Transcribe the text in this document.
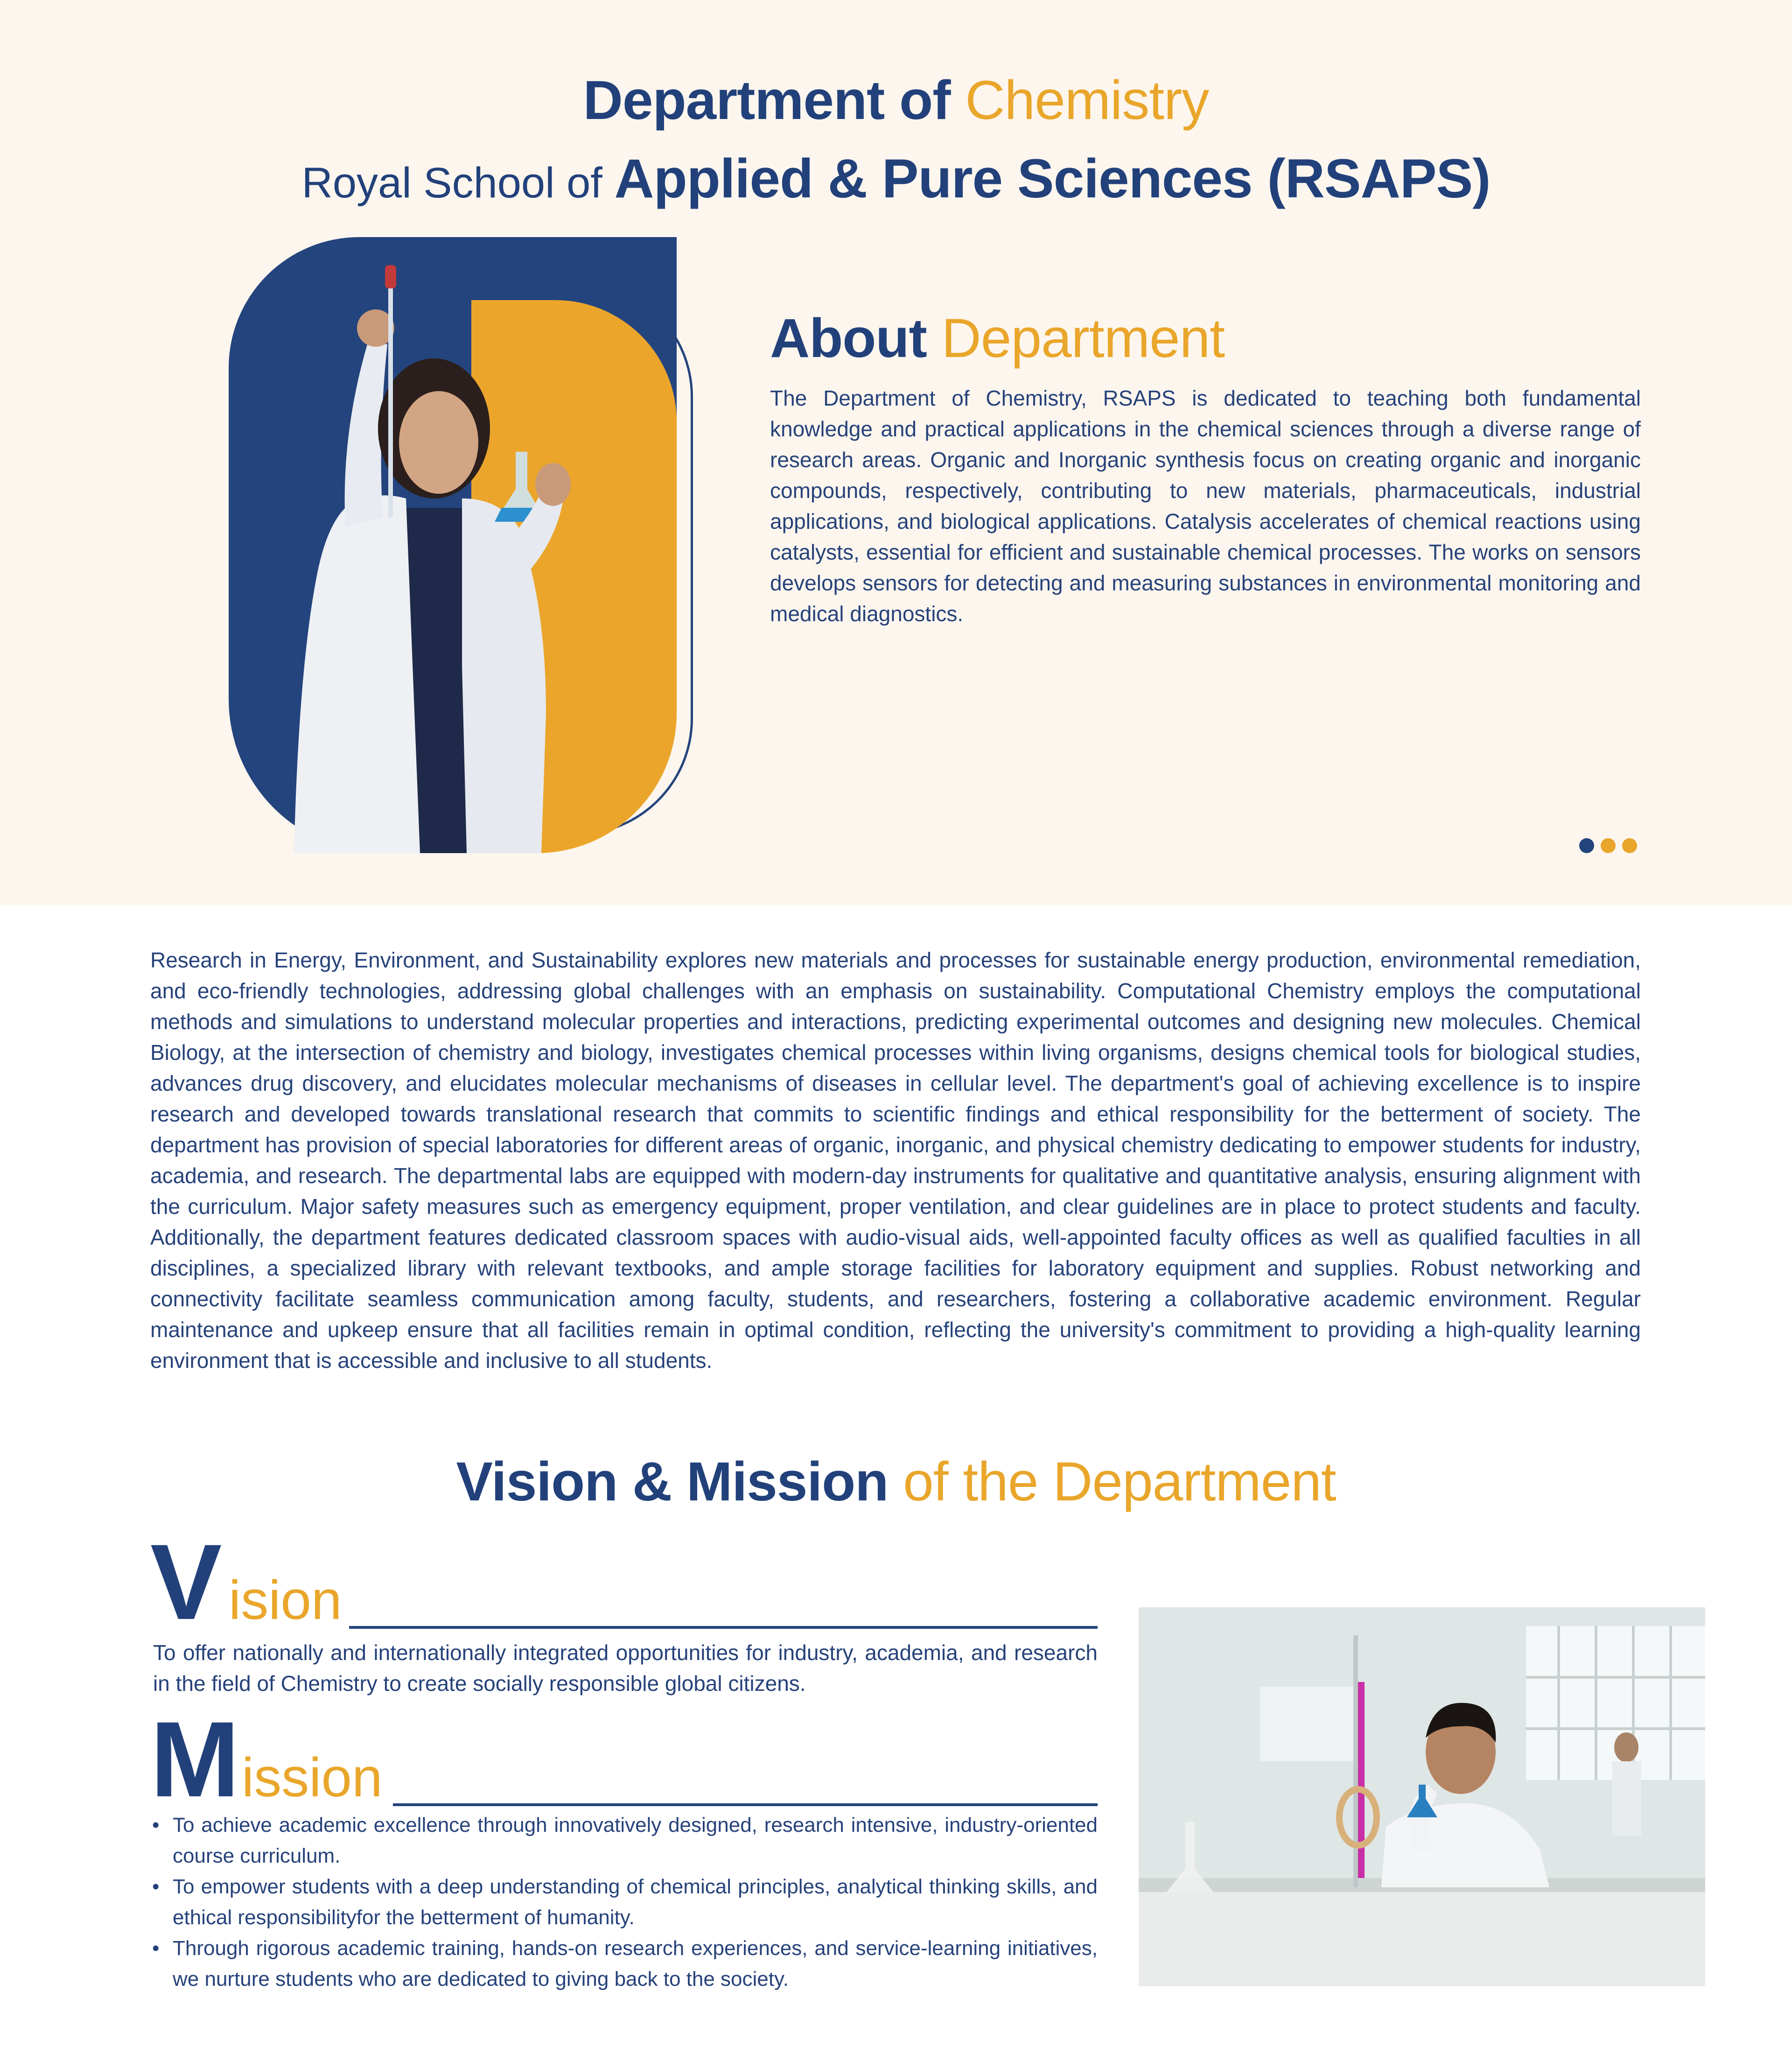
Department of Chemistry
Royal School of Applied & Pure Sciences (RSAPS)
About Department
The Department of Chemistry, RSAPS is dedicated to teaching both fundamental knowledge and practical applications in the chemical sciences through a diverse range of research areas. Organic and Inorganic synthesis focus on creating organic and inorganic compounds, respectively, contributing to new materials, pharmaceuticals, industrial applications, and biological applications. Catalysis accelerates of chemical reactions using catalysts, essential for efficient and sustainable chemical processes. The works on sensors develops sensors for detecting and measuring substances in environmental monitoring and medical diagnostics.
Research in Energy, Environment, and Sustainability explores new materials and processes for sustainable energy production, environmental remediation, and eco-friendly technologies, addressing global challenges with an emphasis on sustainability. Computational Chemistry employs the computational methods and simulations to understand molecular properties and interactions, predicting experimental outcomes and designing new molecules. Chemical Biology, at the intersection of chemistry and biology, investigates chemical processes within living organisms, designs chemical tools for biological studies, advances drug discovery, and elucidates molecular mechanisms of diseases in cellular level. The department's goal of achieving excellence is to inspire research and developed towards translational research that commits to scientific findings and ethical responsibility for the betterment of society. The department has provision of special laboratories for different areas of organic, inorganic, and physical chemistry dedicating to empower students for industry, academia, and research. The departmental labs are equipped with modern-day instruments for qualitative and quantitative analysis, ensuring alignment with the curriculum. Major safety measures such as emergency equipment, proper ventilation, and clear guidelines are in place to protect students and faculty. Additionally, the department features dedicated classroom spaces with audio-visual aids, well-appointed faculty offices as well as qualified faculties in all disciplines, a specialized library with relevant textbooks, and ample storage facilities for laboratory equipment and supplies. Robust networking and connectivity facilitate seamless communication among faculty, students, and researchers, fostering a collaborative academic environment. Regular maintenance and upkeep ensure that all facilities remain in optimal condition, reflecting the university's commitment to providing a high-quality learning environment that is accessible and inclusive to all students.
Vision & Mission of the Department
V ision
To offer nationally and internationally integrated opportunities for industry, academia, and research in the field of Chemistry to create socially responsible global citizens.
M ission
• To achieve academic excellence through innovatively designed, research intensive, industry-oriented course curriculum.
• To empower students with a deep understanding of chemical principles, analytical thinking skills, and ethical responsibilityfor the betterment of humanity.
• Through rigorous academic training, hands-on research experiences, and service-learning initiatives, we nurture students who are dedicated to giving back to the society.
